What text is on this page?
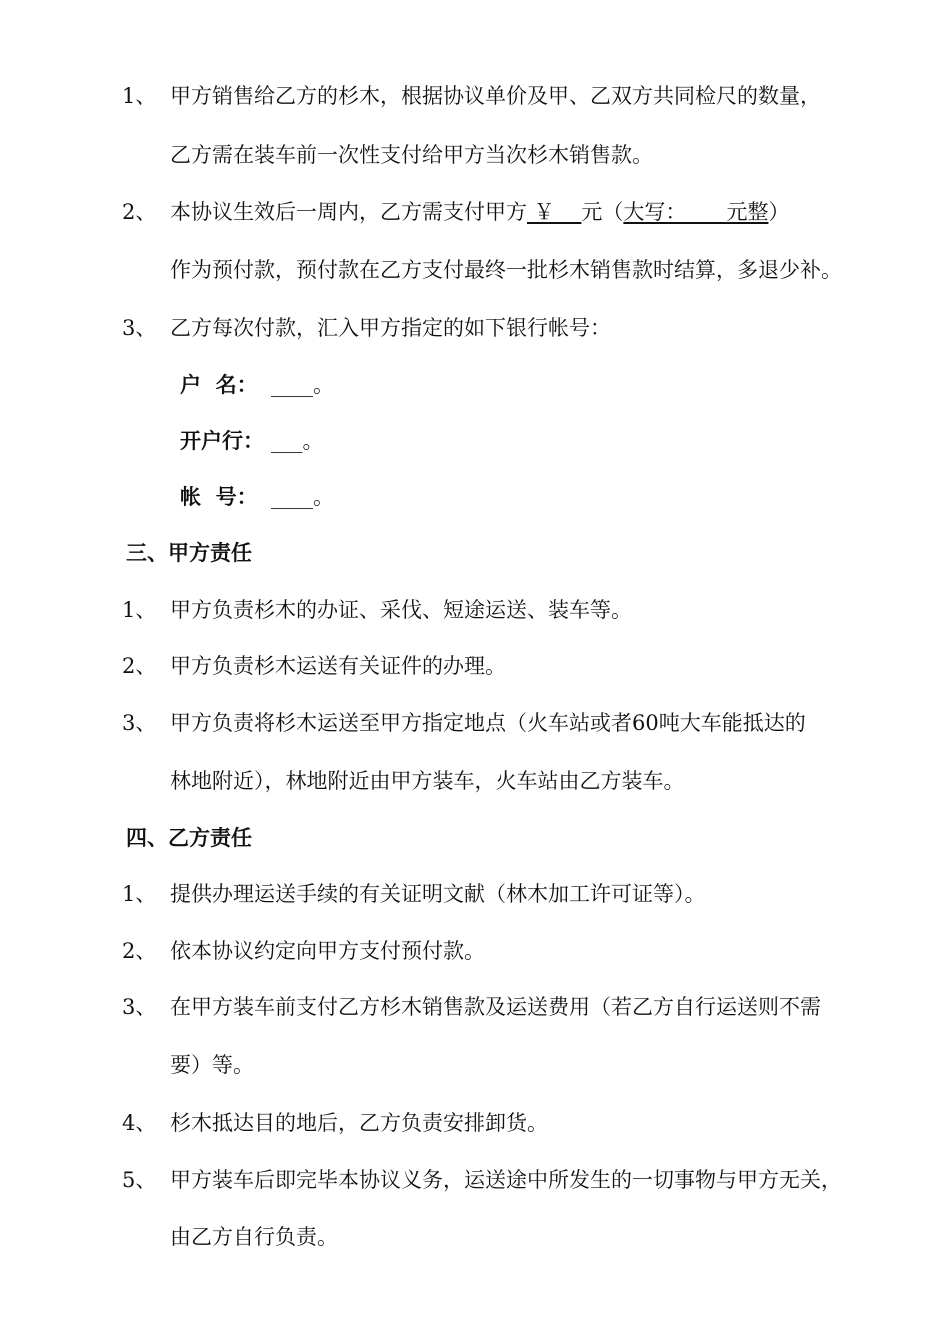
1、 甲方销售给乙方的杉木，根据协议单价及甲、乙双方共同检尺的数量，
乙方需在装车前一次性支付给甲方当次杉木销售款。
2、 本协议生效后一周内，乙方需支付甲方 ￥    元（大写：      元整）
作为预付款，预付款在乙方支付最终一批杉木销售款时结算，多退少补。
3、 乙方每次付款，汇入甲方指定的如下银行帐号：
户  名： ____。
开户行： ___。
帐  号： ____。
三、甲方责任
1、 甲方负责杉木的办证、采伐、短途运送、装车等。
2、 甲方负责杉木运送有关证件的办理。
3、 甲方负责将杉木运送至甲方指定地点（火车站或者60吨大车能抵达的
林地附近），林地附近由甲方装车，火车站由乙方装车。
四、乙方责任
1、 提供办理运送手续的有关证明文献（林木加工许可证等）。
2、 依本协议约定向甲方支付预付款。
3、 在甲方装车前支付乙方杉木销售款及运送费用（若乙方自行运送则不需
要）等。
4、 杉木抵达目的地后，乙方负责安排卸货。
5、 甲方装车后即完毕本协议义务，运送途中所发生的一切事物与甲方无关，
由乙方自行负责。
